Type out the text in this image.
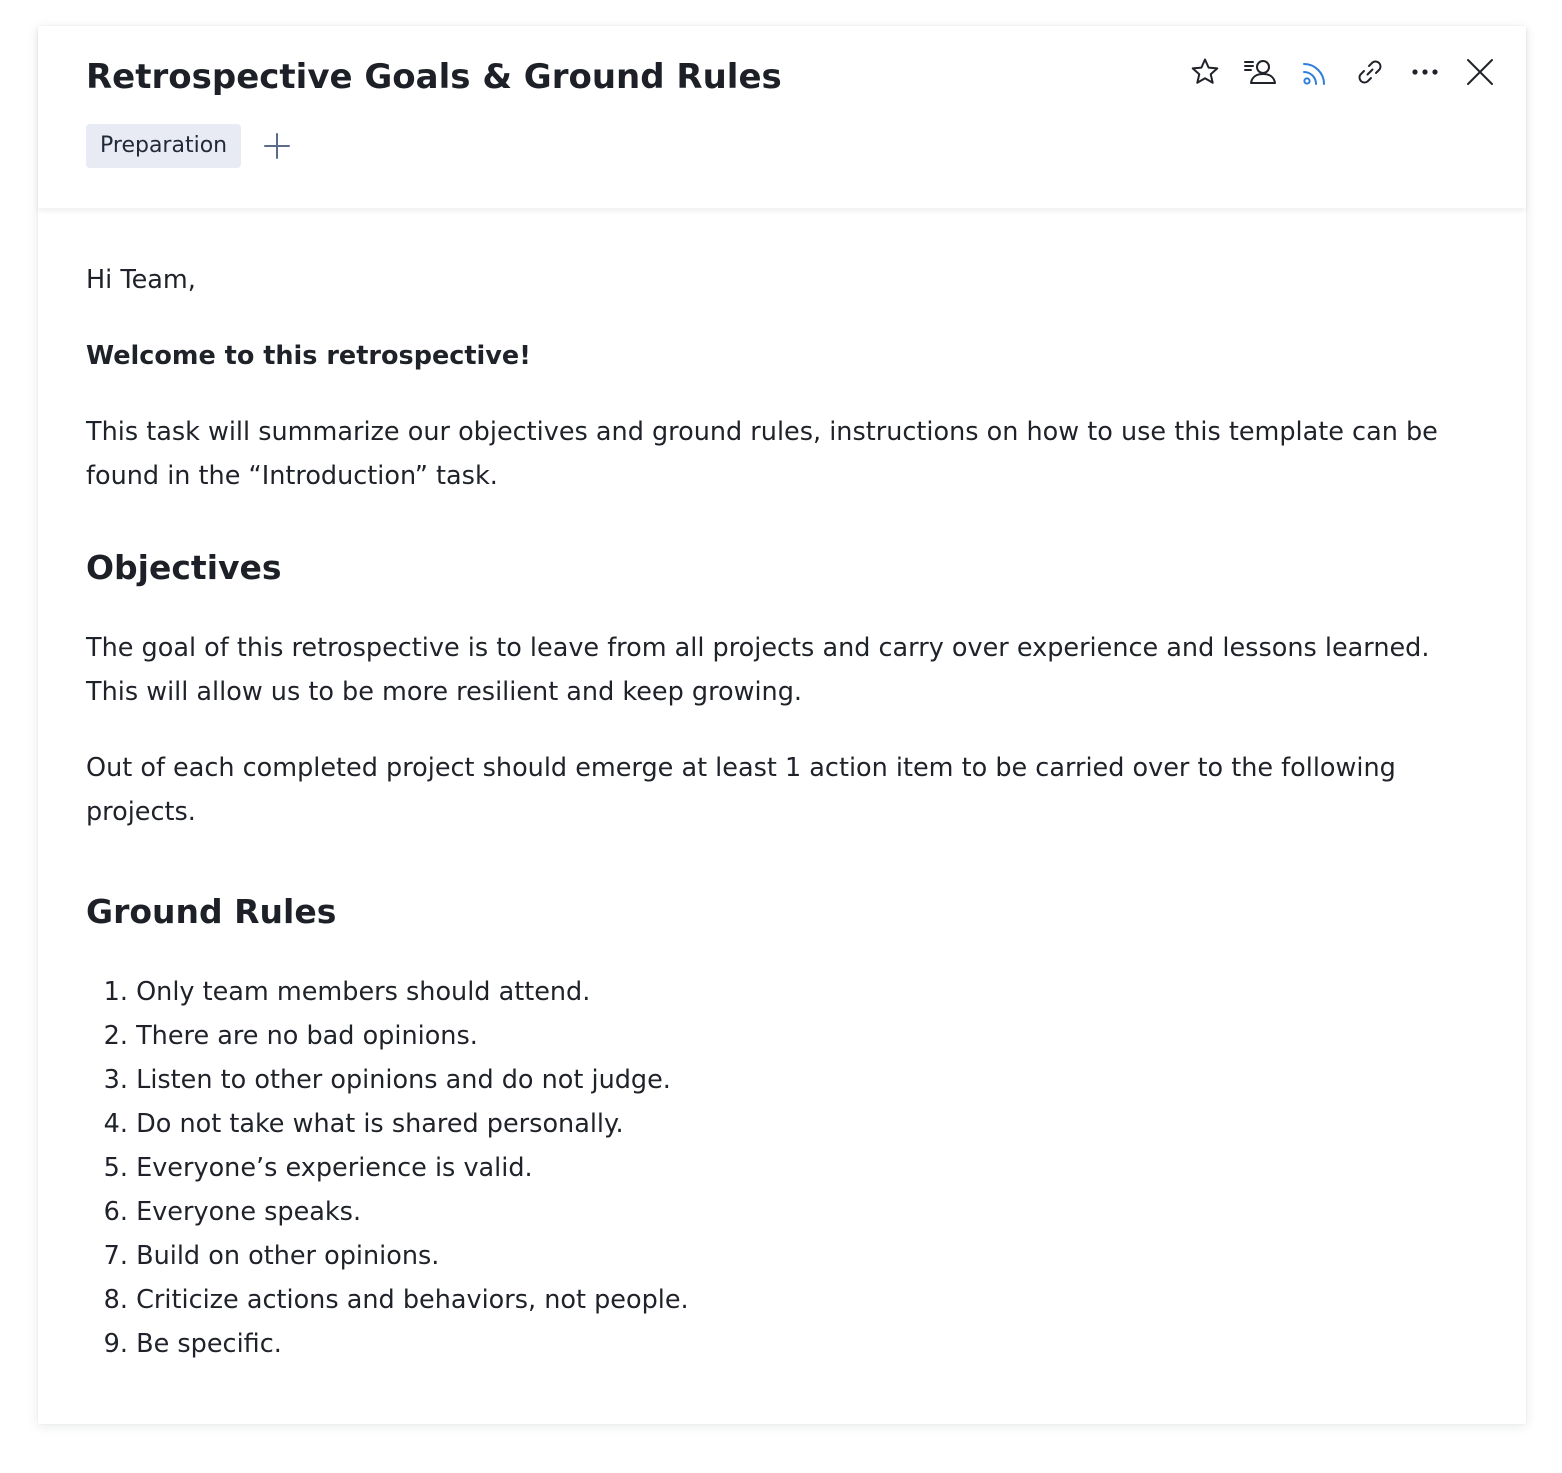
Retrospective Goals & Ground Rules
Preparation

Hi Team,

Welcome to this retrospective!

This task will summarize our objectives and ground rules, instructions on how to use this template can be found in the “Introduction” task.

Objectives

The goal of this retrospective is to leave from all projects and carry over experience and lessons learned. This will allow us to be more resilient and keep growing.

Out of each completed project should emerge at least 1 action item to be carried over to the following projects.

Ground Rules
1.
Only team members should attend.
2.
There are no bad opinions.
3.
Listen to other opinions and do not judge.
4.
Do not take what is shared personally.
5.
Everyone’s experience is valid.
6.
Everyone speaks.
7.
Build on other opinions.
8.
Criticize actions and behaviors, not people.
9.
Be specific.
